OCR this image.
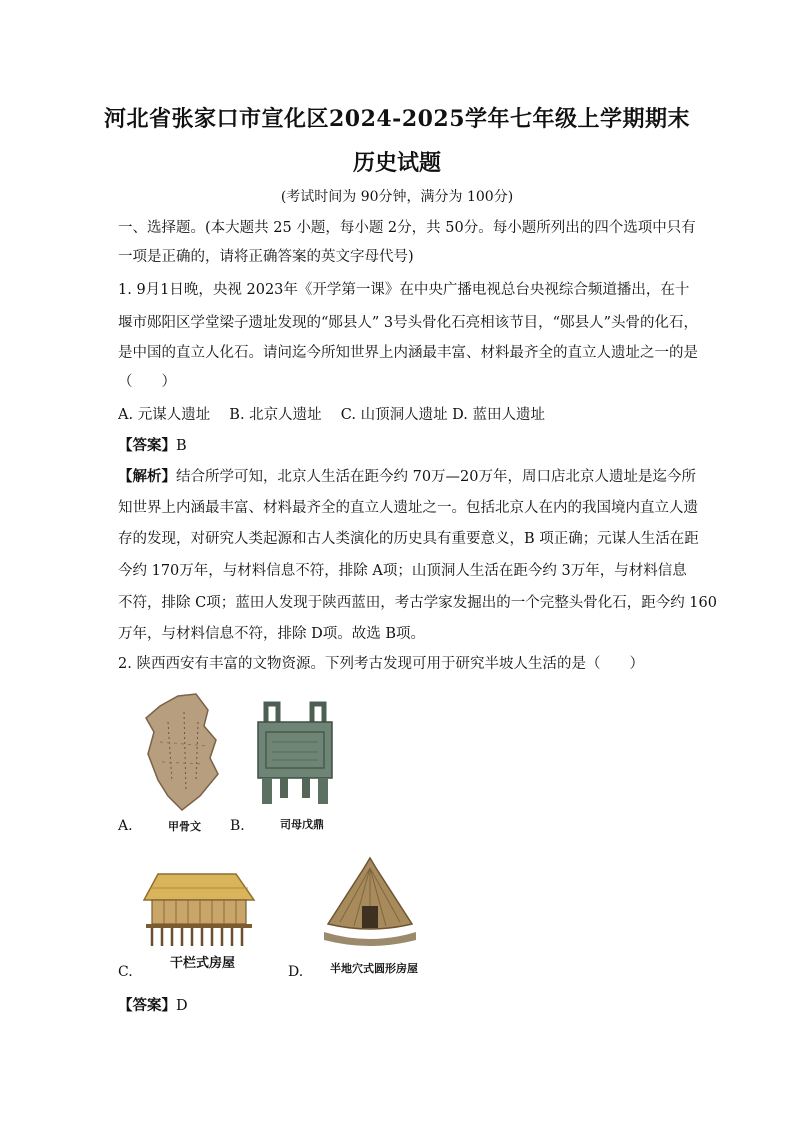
河北省张家口市宣化区2024-2025学年七年级上学期期末
历史试题
(考试时间为 90分钟，满分为 100分)
一、选择题。(本大题共 25 小题，每小题 2分，共 50分。每小题所列出的四个选项中只有
一项是正确的，请将正确答案的英文字母代号)
1. 9月1日晚，央视 2023年《开学第一课》在中央广播电视总台央视综合频道播出，在十
堰市郧阳区学堂梁子遗址发现的“郧县人” 3号头骨化石亮相该节目，“郧县人”头骨的化石，
是中国的直立人化石。请问迄今所知世界上内涵最丰富、材料最齐全的直立人遗址之一的是
（　　）
A. 元谋人遗址　 B. 北京人遗址　 C. 山顶洞人遗址 D. 蓝田人遗址
【答案】B
【解析】结合所学可知，北京人生活在距今约 70万—20万年，周口店北京人遗址是迄今所
知世界上内涵最丰富、材料最齐全的直立人遗址之一。包括北京人在内的我国境内直立人遗
存的发现，对研究人类起源和古人类演化的历史具有重要意义，B 项正确；元谋人生活在距
今约 170万年，与材料信息不符，排除 A项；山顶洞人生活在距今约 3万年，与材料信息
不符，排除 C项；蓝田人发现于陕西蓝田，考古学家发掘出的一个完整头骨化石，距今约 160
万年，与材料信息不符，排除 D项。故选 B项。
2. 陕西西安有丰富的文物资源。下列考古发现可用于研究半坡人生活的是（　　）
A.	甲骨文 B.	司母戊鼎
C.
干栏式房屋
D. 半地穴式圆形房屋
【答案】D
